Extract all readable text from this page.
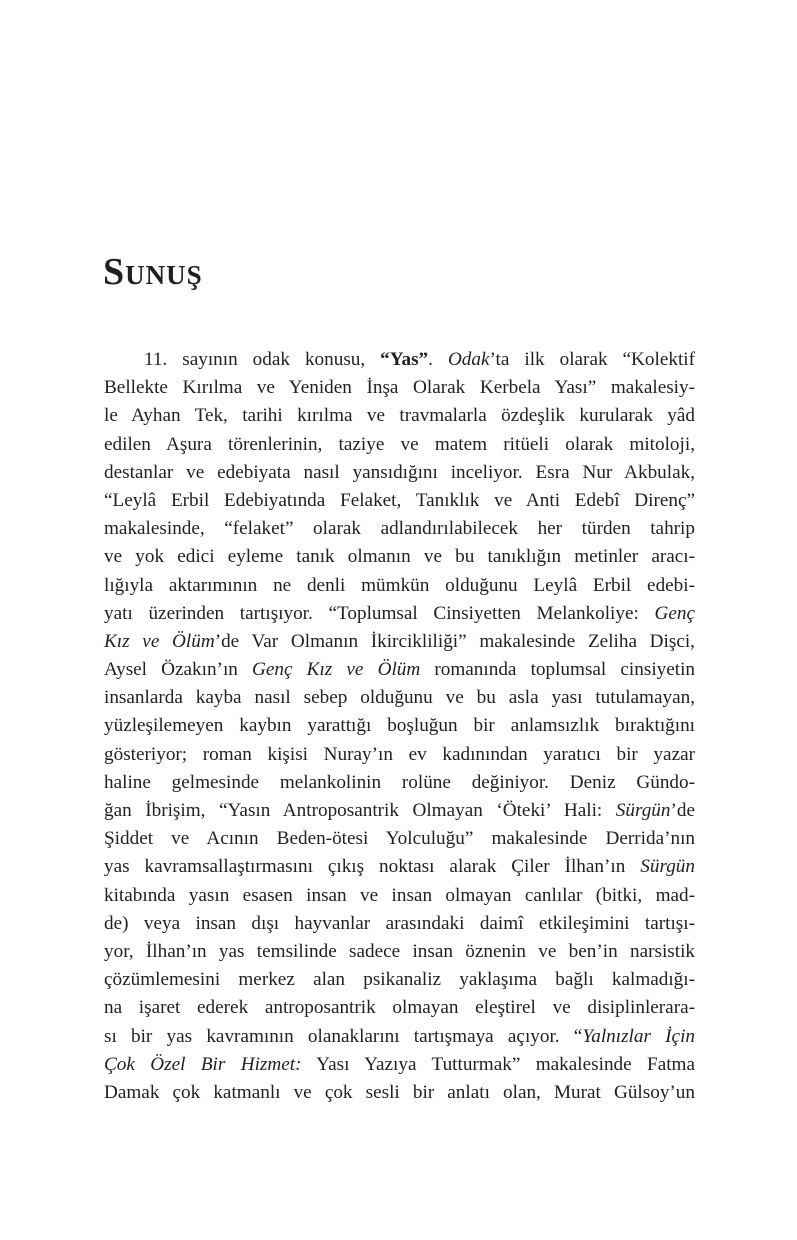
Sunuş
11. sayının odak konusu, “Yas”. Odak’ta ilk olarak “Kolektif
Bellekte Kırılma ve Yeniden İnşa Olarak Kerbela Yası” makalesiy-
le Ayhan Tek, tarihi kırılma ve travmalarla özdeşlik kurularak yâd
edilen Aşura törenlerinin, taziye ve matem ritüeli olarak mitoloji,
destanlar ve edebiyata nasıl yansıdığını inceliyor. Esra Nur Akbulak,
“Leylâ Erbil Edebiyatında Felaket, Tanıklık ve Anti Edebî Direnç”
makalesinde, “felaket” olarak adlandırılabilecek her türden tahrip
ve yok edici eyleme tanık olmanın ve bu tanıklığın metinler aracı-
lığıyla aktarımının ne denli mümkün olduğunu Leylâ Erbil edebi-
yatı üzerinden tartışıyor. “Toplumsal Cinsiyetten Melankoliye: Genç
Kız ve Ölüm’de Var Olmanın İkircikliliği” makalesinde Zeliha Dişci,
Aysel Özakın’ın Genç Kız ve Ölüm romanında toplumsal cinsiyetin
insanlarda kayba nasıl sebep olduğunu ve bu asla yası tutulamayan,
yüzleşilemeyen kaybın yarattığı boşluğun bir anlamsızlık bıraktığını
gösteriyor; roman kişisi Nuray’ın ev kadınından yaratıcı bir yazar
haline gelmesinde melankolinin rolüne değiniyor. Deniz Gündo-
ğan İbrişim, “Yasın Antroposantrik Olmayan ‘Öteki’ Hali: Sürgün’de
Şiddet ve Acının Beden-ötesi Yolculuğu” makalesinde Derrida’nın
yas kavramsallaştırmasını çıkış noktası alarak Çiler İlhan’ın Sürgün
kitabında yasın esasen insan ve insan olmayan canlılar (bitki, mad-
de) veya insan dışı hayvanlar arasındaki daimî etkileşimini tartışı-
yor, İlhan’ın yas temsilinde sadece insan öznenin ve ben’in narsistik
çözümlemesini merkez alan psikanaliz yaklaşıma bağlı kalmadığı-
na işaret ederek antroposantrik olmayan eleştirel ve disiplinlerara-
sı bir yas kavramının olanaklarını tartışmaya açıyor. “Yalnızlar İçin
Çok Özel Bir Hizmet: Yası Yazıya Tutturmak” makalesinde Fatma
Damak çok katmanlı ve çok sesli bir anlatı olan, Murat Gülsoy’un
